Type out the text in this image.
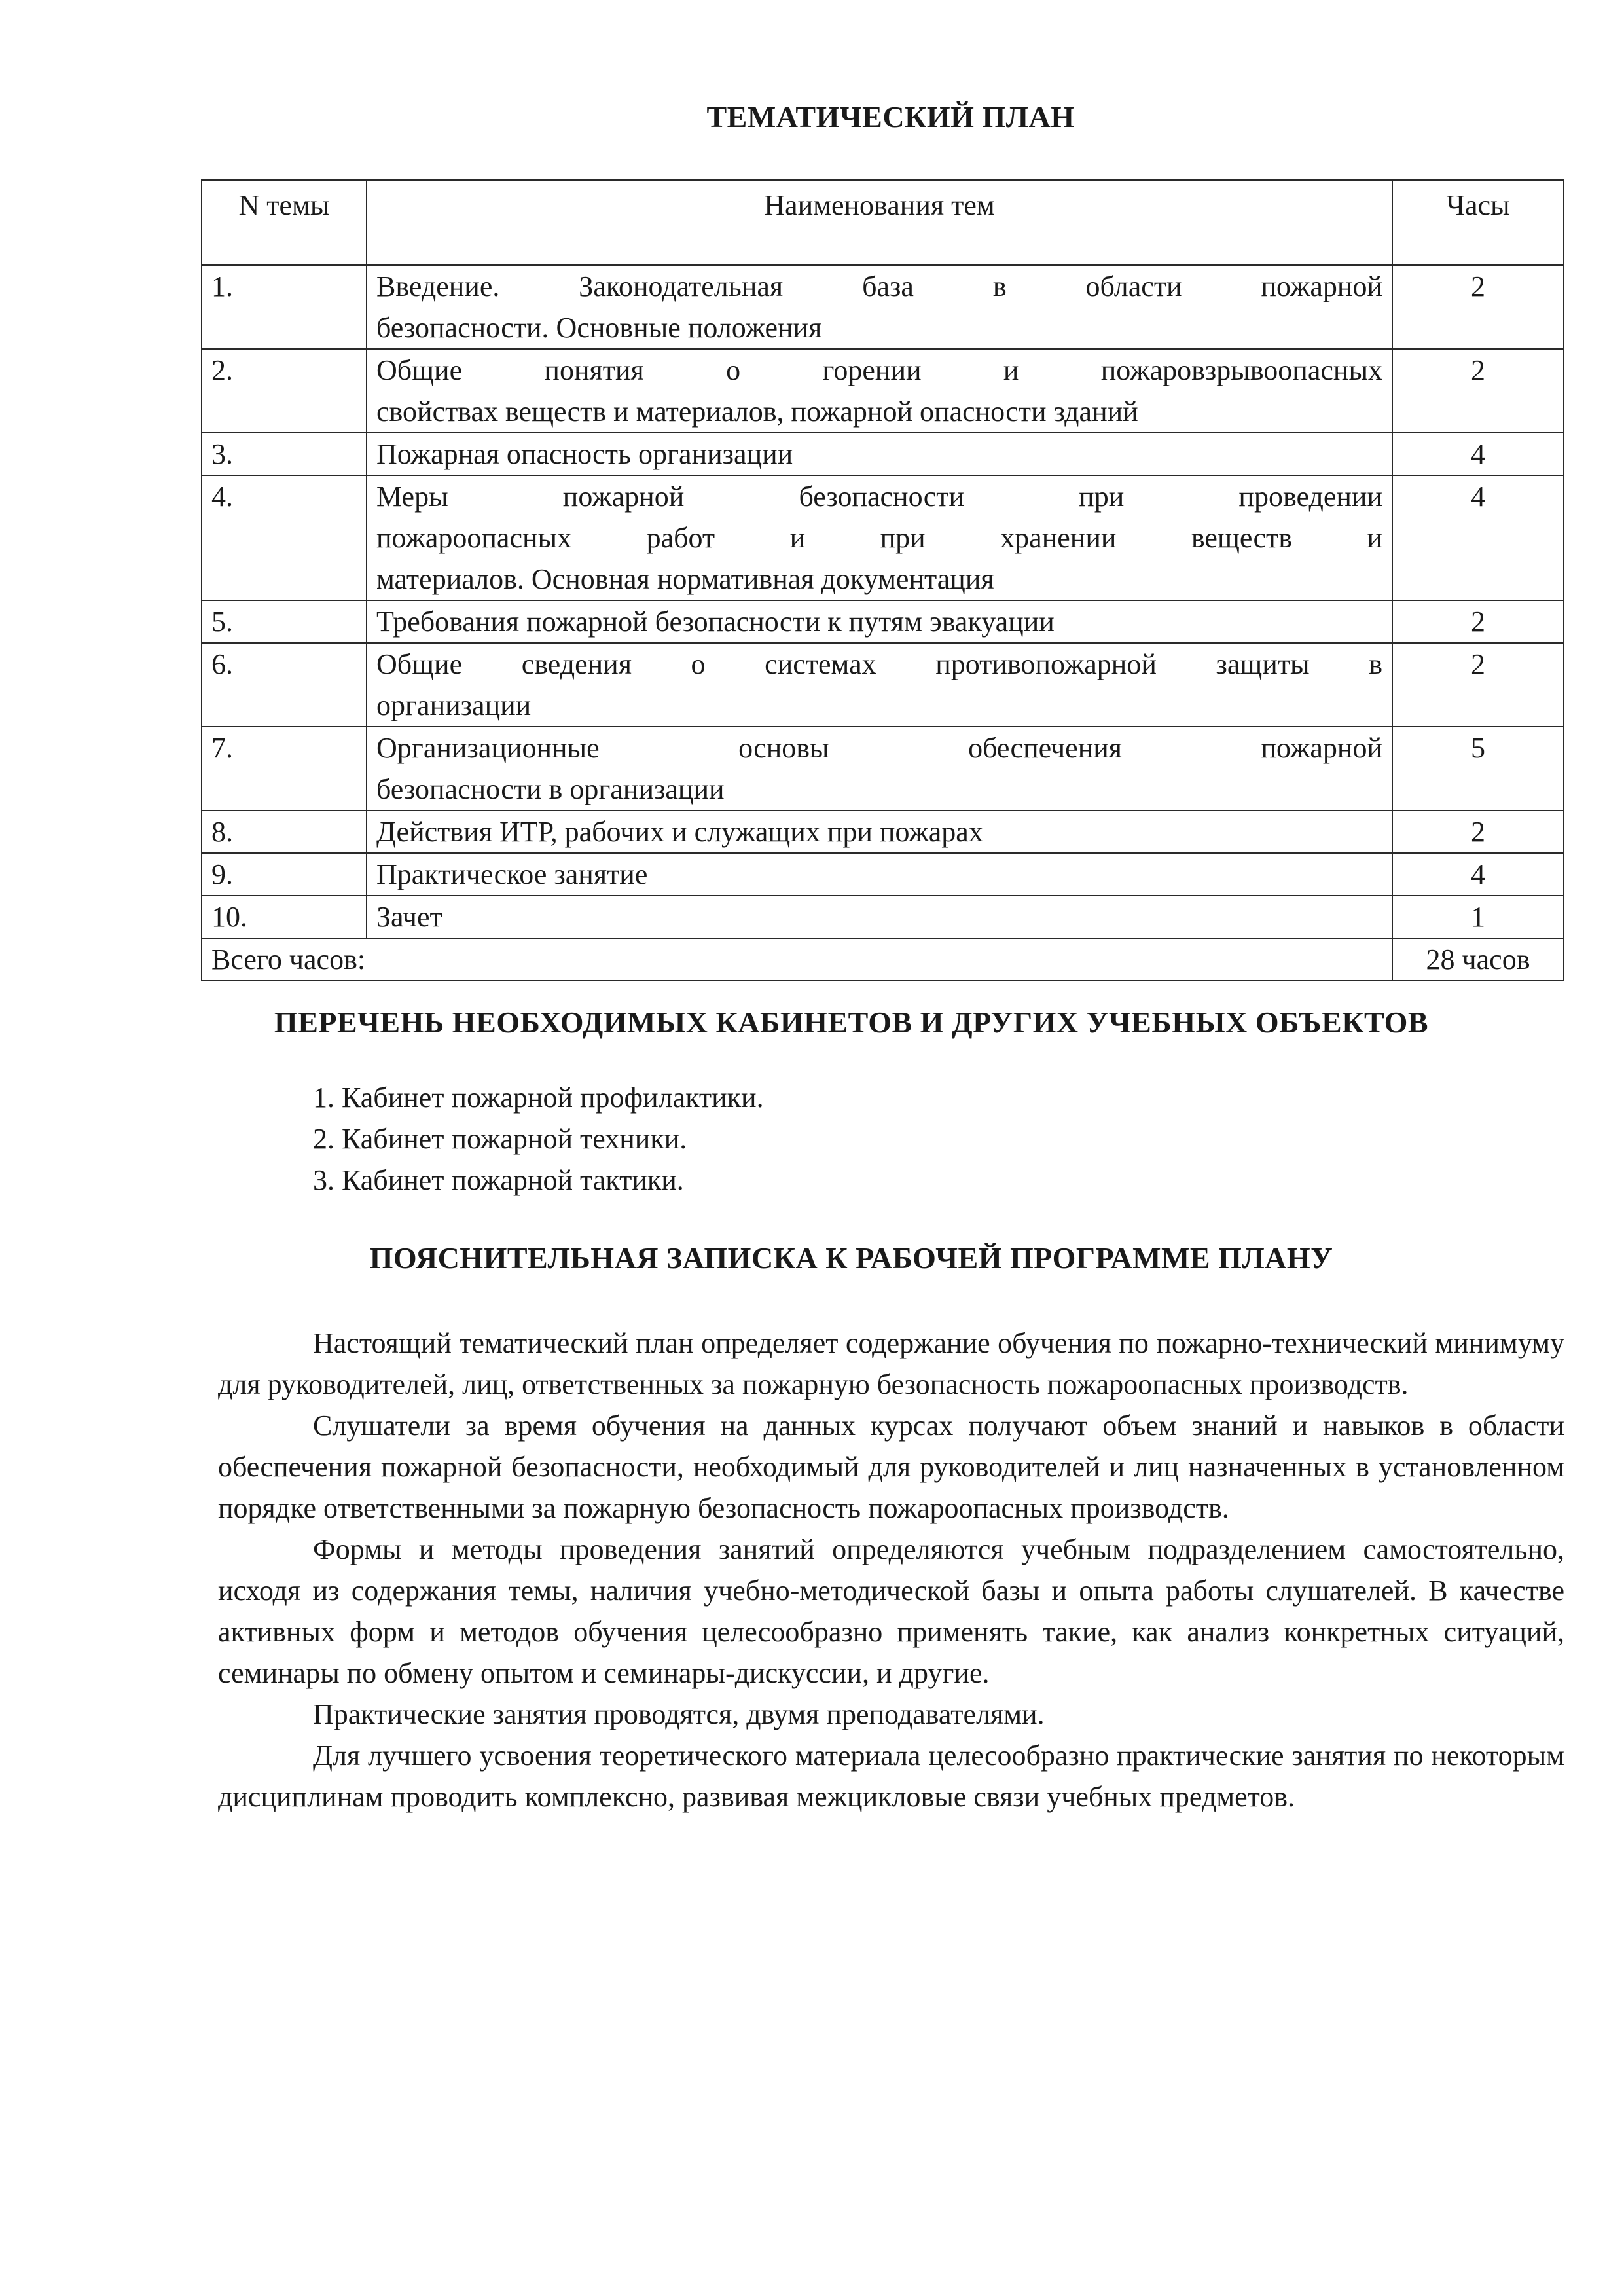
ТЕМАТИЧЕСКИЙ ПЛАН
N темы	Наименования тем	Часы
1.	Введение. Законодательная база в области пожарной
безопасности. Основные положения	2
2.	Общие понятия о горении и пожаровзрывоопасных
свойствах веществ и материалов, пожарной опасности зданий	2
3.	Пожарная опасность организации	4
4.	Меры пожарной безопасности при проведении
пожароопасных работ и при хранении веществ и
материалов. Основная нормативная документация	4
5.	Требования пожарной безопасности к путям эвакуации	2
6.	Общие сведения о системах противопожарной защиты в
организации	2
7.	Организационные основы обеспечения пожарной
безопасности в организации	5
8.	Действия ИТР, рабочих и служащих при пожарах	2
9.	Практическое занятие	4
10.	Зачет	1
Всего часов:		28 часов
ПЕРЕЧЕНЬ НЕОБХОДИМЫХ КАБИНЕТОВ И ДРУГИХ УЧЕБНЫХ ОБЪЕКТОВ
1. Кабинет пожарной профилактики.
2. Кабинет пожарной техники.
3. Кабинет пожарной тактики.
ПОЯСНИТЕЛЬНАЯ ЗАПИСКА К РАБОЧЕЙ ПРОГРАММЕ ПЛАНУ

Настоящий тематический план определяет содержание обучения по пожарно-технический минимуму для руководителей, лиц, ответственных за пожарную безопасность пожароопасных производств.

Слушатели за время обучения на данных курсах получают объем знаний и навыков в области обеспечения пожарной безопасности, необходимый для руководителей и лиц назначенных в установленном порядке ответственными за пожарную безопасность пожароопасных производств.

Формы и методы проведения занятий определяются учебным подразделением самостоятельно, исходя из содержания темы, наличия учебно-методической базы и опыта работы слушателей. В качестве активных форм и методов обучения целесообразно применять такие, как анализ конкретных ситуаций, семинары по обмену опытом и семинары-дискуссии, и другие.

Практические занятия проводятся, двумя преподавателями.

Для лучшего усвоения теоретического материала целесообразно практические занятия по некоторым дисциплинам проводить комплексно, развивая межцикловые связи учебных предметов.
